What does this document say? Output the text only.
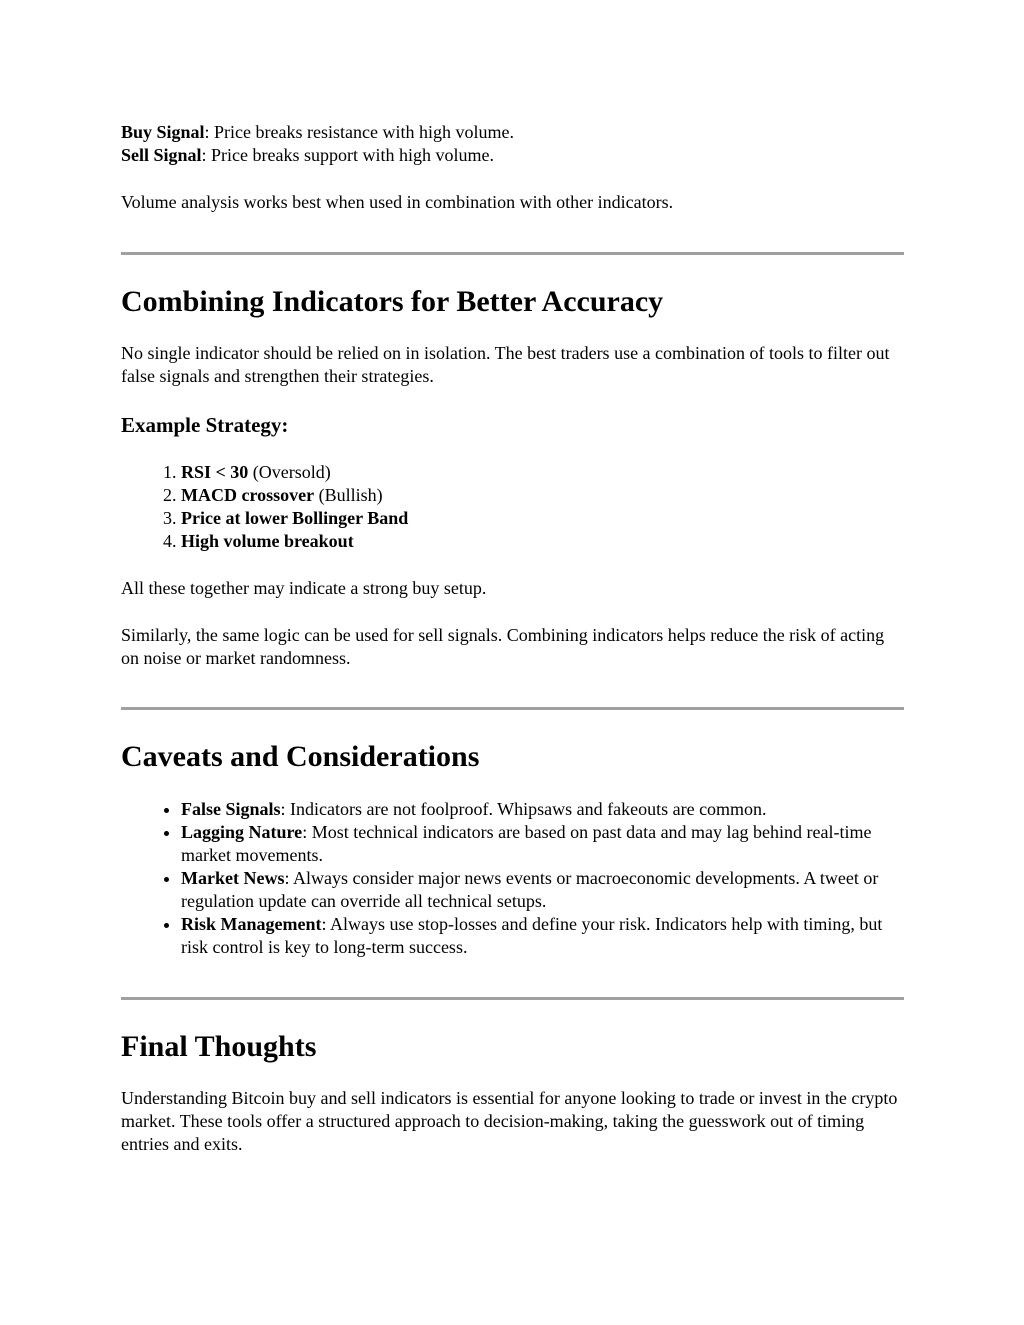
Buy Signal: Price breaks resistance with high volume.

Sell Signal: Price breaks support with high volume.

Volume analysis works best when used in combination with other indicators.

Combining Indicators for Better Accuracy

No single indicator should be relied on in isolation. The best traders use a combination of tools to filter out false signals and strengthen their strategies.

Example Strategy:
1. RSI < 30 (Oversold)
2. MACD crossover (Bullish)
3. Price at lower Bollinger Band
4. High volume breakout

All these together may indicate a strong buy setup.

Similarly, the same logic can be used for sell signals. Combining indicators helps reduce the risk of acting on noise or market randomness.

Caveats and Considerations
• False Signals: Indicators are not foolproof. Whipsaws and fakeouts are common.
• Lagging Nature: Most technical indicators are based on past data and may lag behind real-time market movements.
• Market News: Always consider major news events or macroeconomic developments. A tweet or regulation update can override all technical setups.
• Risk Management: Always use stop-losses and define your risk. Indicators help with timing, but risk control is key to long-term success.
Final Thoughts

Understanding Bitcoin buy and sell indicators is essential for anyone looking to trade or invest in the crypto market. These tools offer a structured approach to decision-making, taking the guesswork out of timing entries and exits.
